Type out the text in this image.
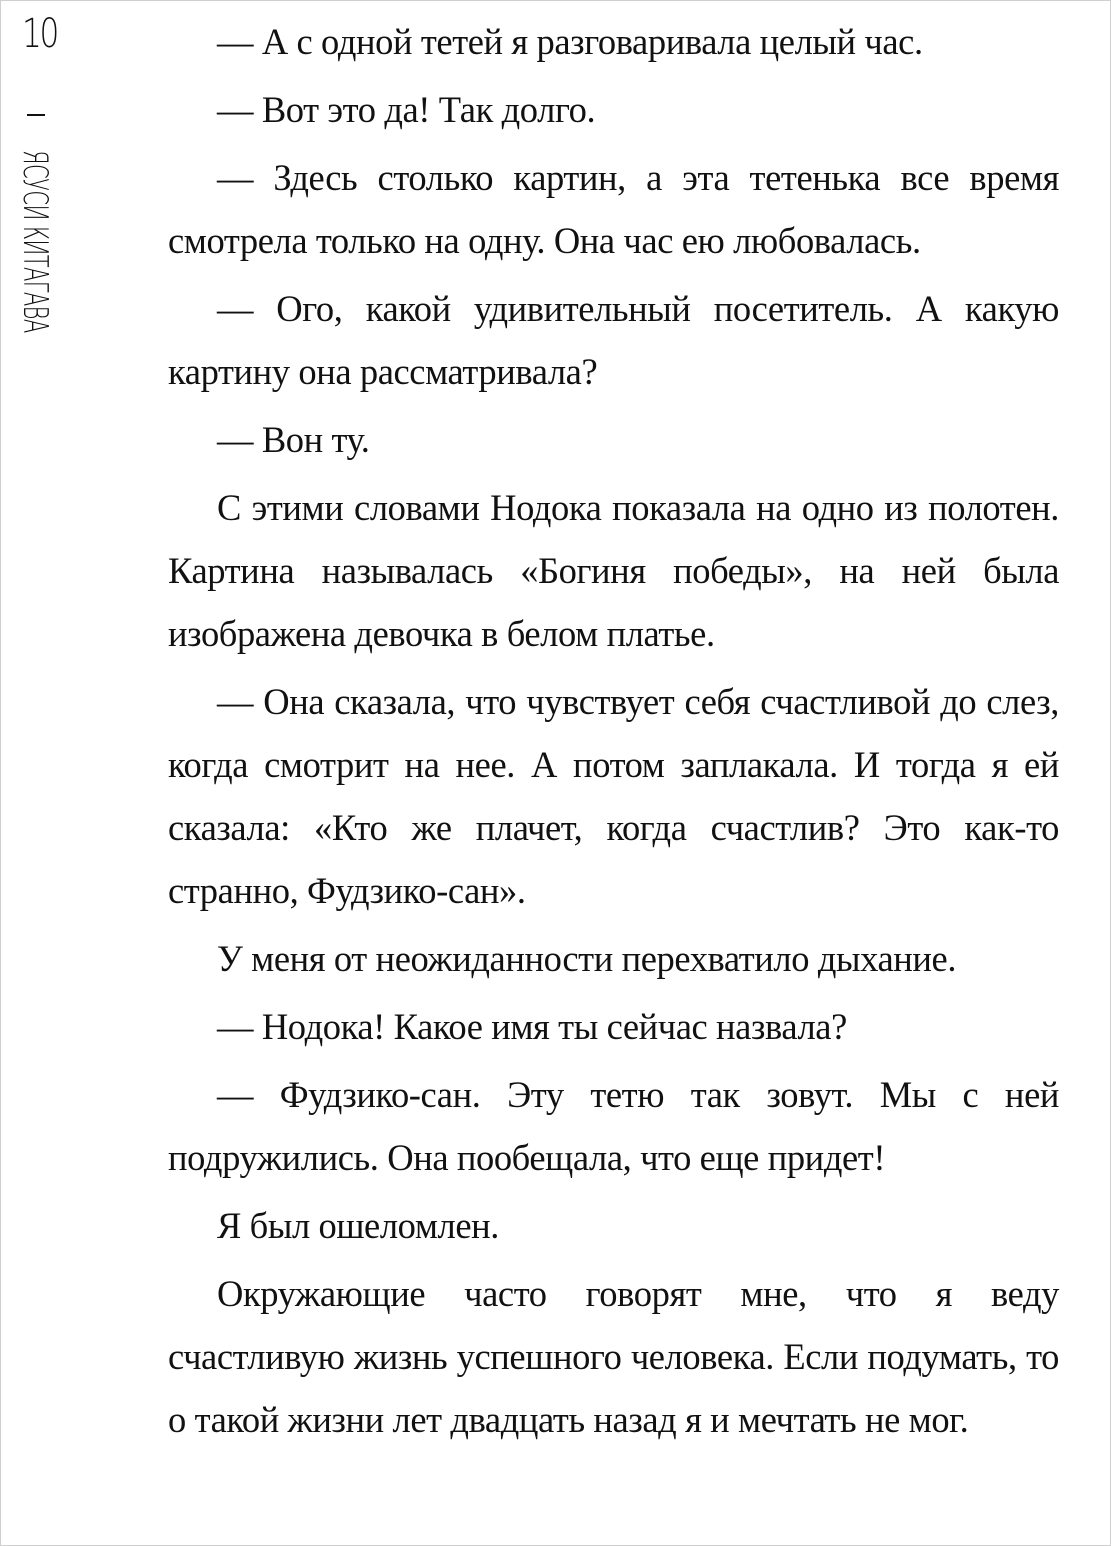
10
ЯСУСИ КИТАГАВА

— А с одной тетей я разговаривала целый час.

— Вот это да! Так долго.

— Здесь столько картин, а эта тетенька все время смотрела только на одну. Она час ею любовалась.

— Ого, какой удивительный посетитель. А какую картину она рассматривала?

— Вон ту.

С этими словами Нодока показала на одно из полотен. Картина называлась «Богиня победы», на ней была изображена девочка в белом платье.

— Она сказала, что чувствует себя счастливой до слез, когда смотрит на нее. А потом заплакала. И тогда я ей сказала: «Кто же плачет, когда счастлив? Это как-то странно, Фудзико-сан».

У меня от неожиданности перехватило дыхание.

— Нодока! Какое имя ты сейчас назвала?

— Фудзико-сан. Эту тетю так зовут. Мы с ней подружились. Она пообещала, что еще придет!

Я был ошеломлен.

Окружающие часто говорят мне, что я веду счастливую жизнь успешного человека. Если подумать, то о такой жизни лет двадцать назад я и мечтать не мог.
